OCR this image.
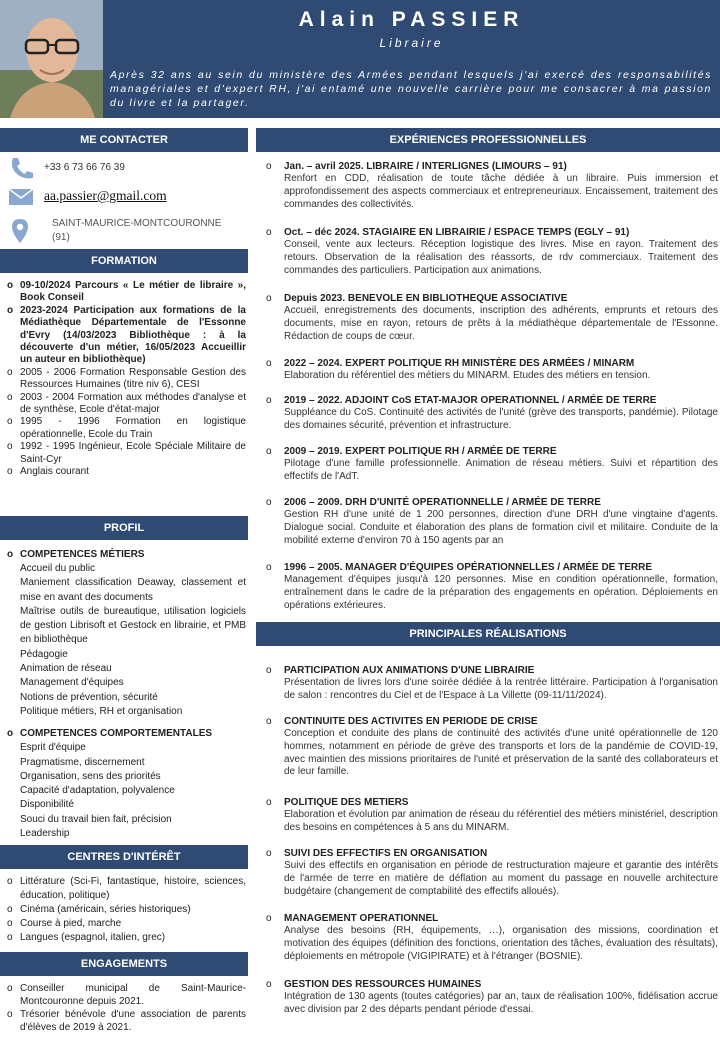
Alain PASSIER
Libraire
Après 32 ans au sein du ministère des Armées pendant lesquels j'ai exercé des responsabilités managériales et d'expert RH, j'ai entamé une nouvelle carrière pour me consacrer à ma passion du livre et la partager.
ME CONTACTER
+33 6 73 66 76 39
aa.passier@gmail.com
SAINT-MAURICE-MONTCOURONNE
(91)
FORMATION
o 09-10/2024 Parcours « Le métier de libraire », Book Conseil
o 2023-2024 Participation aux formations de la Médiathèque Départementale de l'Essonne d'Evry (14/03/2023 Bibliothèque : à la découverte d'un métier, 16/05/2023 Accueillir un auteur en bibliothèque)
o 2005 - 2006 Formation Responsable Gestion des Ressources Humaines (titre niv 6), CESI
o 2003 - 2004 Formation aux méthodes d'analyse et de synthèse, Ecole d'état-major
o 1995 - 1996 Formation en logistique opérationnelle, Ecole du Train
o 1992 - 1995 Ingénieur, Ecole Spéciale Militaire de Saint-Cyr
o Anglais courant
PROFIL
o COMPETENCES MÉTIERS
Accueil du public
Maniement classification Deaway, classement et mise en avant des documents
Maîtrise outils de bureautique, utilisation logiciels de gestion Librisoft et Gestock en librairie, et PMB en bibliothèque
Pédagogie
Animation de réseau
Management d'équipes
Notions de prévention, sécurité
Politique métiers, RH et organisation
o COMPETENCES COMPORTEMENTALES
Esprit d'équipe
Pragmatisme, discernement
Organisation, sens des priorités
Capacité d'adaptation, polyvalence
Disponibilité
Souci du travail bien fait, précision
Leadership
CENTRES D'INTÉRÊT
o Littérature (Sci-Fi, fantastique, histoire, sciences, éducation, politique)
o Cinéma (américain, séries historiques)
o Course à pied, marche
o Langues (espagnol, italien, grec)
ENGAGEMENTS
o Conseiller municipal de Saint-Maurice-Montcouronne depuis 2021.
o Trésorier bénévole d'une association de parents d'élèves de 2019 à 2021.
EXPÉRIENCES PROFESSIONNELLES
o Jan. – avril 2025. LIBRAIRE / INTERLIGNES (LIMOURS – 91)
Renfort en CDD, réalisation de toute tâche dédiée à un libraire. Puis immersion et approfondissement des aspects commerciaux et entrepreneuriaux. Encaissement, traitement des commandes des collectivités.
o Oct. – déc 2024. STAGIAIRE EN LIBRAIRIE / ESPACE TEMPS (EGLY – 91)
Conseil, vente aux lecteurs. Réception logistique des livres. Mise en rayon. Traitement des retours. Observation de la réalisation des réassorts, de rdv commerciaux. Traitement des commandes des particuliers. Participation aux animations.
o Depuis 2023. BENEVOLE EN BIBLIOTHEQUE ASSOCIATIVE
Accueil, enregistrements des documents, inscription des adhérents, emprunts et retours des documents, mise en rayon, retours de prêts à la médiathèque départementale de l'Essonne. Rédaction de coups de cœur.
o 2022 – 2024. EXPERT POLITIQUE RH MINISTÈRE DES ARMÉES / MINARM
Elaboration du référentiel des métiers du MINARM. Etudes des métiers en tension.
o 2019 – 2022. ADJOINT CoS ETAT-MAJOR OPERATIONNEL / ARMÉE DE TERRE
Suppléance du CoS. Continuité des activités de l'unité (grève des transports, pandémie). Pilotage des domaines sécurité, prévention et infrastructure.
o 2009 – 2019. EXPERT POLITIQUE RH / ARMÉE DE TERRE
Pilotage d'une famille professionnelle. Animation de réseau métiers. Suivi et répartition des effectifs de l'AdT.
o 2006 – 2009. DRH D'UNITÉ OPERATIONNELLE / ARMÉE DE TERRE
Gestion RH d'une unité de 1 200 personnes, direction d'une DRH d'une vingtaine d'agents. Dialogue social. Conduite et élaboration des plans de formation civil et militaire. Conduite de la mobilité externe d'environ 70 à 150 agents par an
o 1996 – 2005. MANAGER D'ÉQUIPES OPÉRATIONNELLES / ARMÉE DE TERRE
Management d'équipes jusqu'à 120 personnes. Mise en condition opérationnelle, formation, entraînement dans le cadre de la préparation des engagements en opération. Déploiements en opérations extérieures.
PRINCIPALES RÉALISATIONS
o PARTICIPATION AUX ANIMATIONS D'UNE LIBRAIRIE
Présentation de livres lors d'une soirée dédiée à la rentrée littéraire. Participation à l'organisation de salon : rencontres du Ciel et de l'Espace à La Villette (09-11/11/2024).
o CONTINUITE DES ACTIVITES EN PERIODE DE CRISE
Conception et conduite des plans de continuité des activités d'une unité opérationnelle de 120 hommes, notamment en période de grève des transports et lors de la pandémie de COVID-19, avec maintien des missions prioritaires de l'unité et préservation de la santé des collaborateurs et de leur famille.
o POLITIQUE DES METIERS
Elaboration et évolution par animation de réseau du référentiel des métiers ministériel, description des besoins en compétences à 5 ans du MINARM.
o SUIVI DES EFFECTIFS EN ORGANISATION
Suivi des effectifs en organisation en période de restructuration majeure et garantie des intérêts de l'armée de terre en matière de déflation au moment du passage en nouvelle architecture budgétaire (changement de comptabilité des effectifs alloués).
o MANAGEMENT OPERATIONNEL
Analyse des besoins (RH, équipements, …), organisation des missions, coordination et motivation des équipes (définition des fonctions, orientation des tâches, évaluation des résultats), déploiements en métropole (VIGIPIRATE) et à l'étranger (BOSNIE).
o GESTION DES RESSOURCES HUMAINES
Intégration de 130 agents (toutes catégories) par an, taux de réalisation 100%, fidélisation accrue avec division par 2 des départs pendant période d'essai.
